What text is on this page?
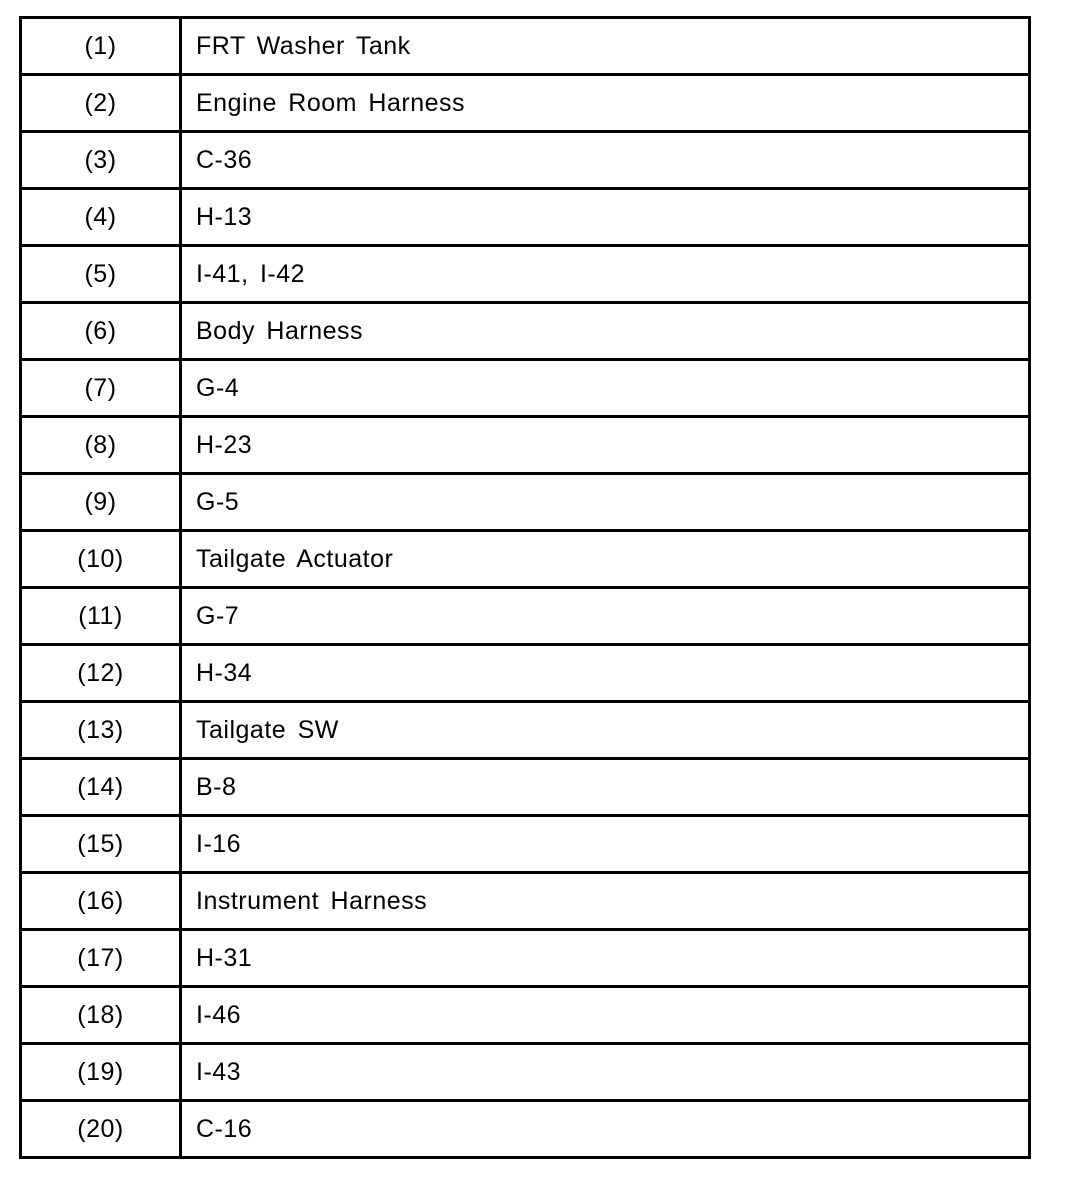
(1)	FRT Washer Tank
(2)	Engine Room Harness
(3)	C-36
(4)	H-13
(5)	I-41, I-42
(6)	Body Harness
(7)	G-4
(8)	H-23
(9)	G-5
(10)	Tailgate Actuator
(11)	G-7
(12)	H-34
(13)	Tailgate SW
(14)	B-8
(15)	I-16
(16)	Instrument Harness
(17)	H-31
(18)	I-46
(19)	I-43
(20)	C-16
